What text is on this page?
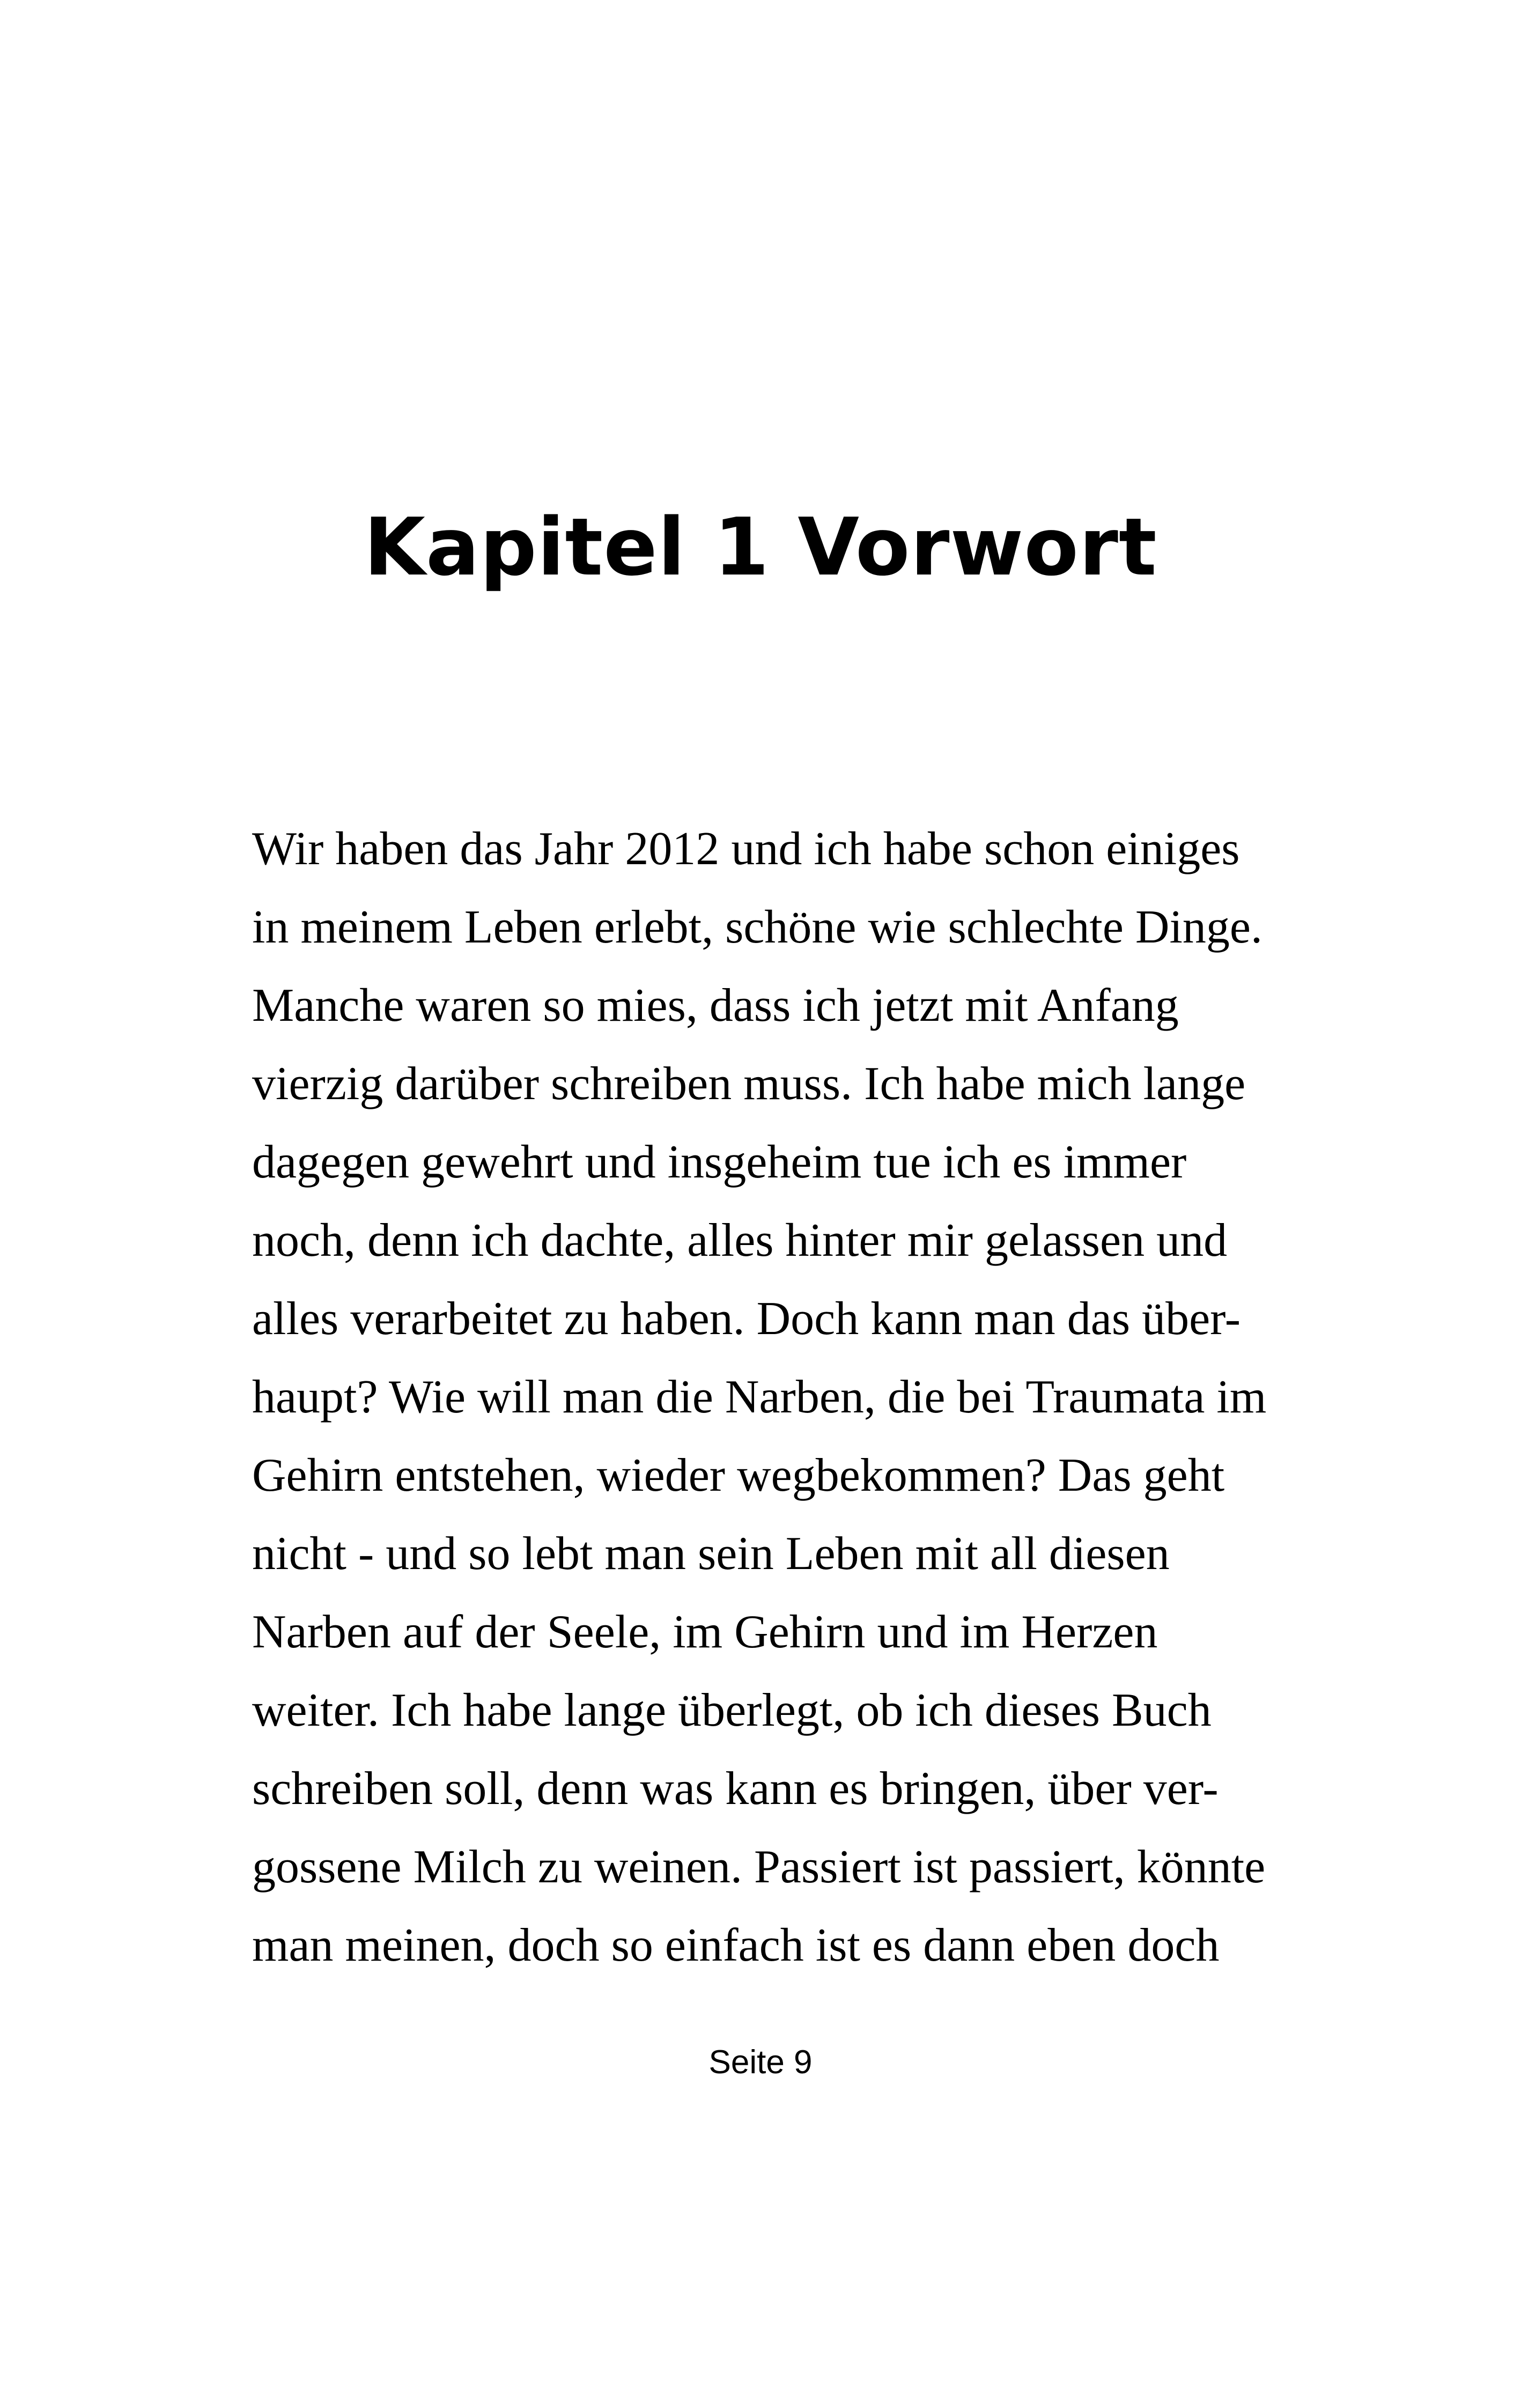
Kapitel 1 Vorwort
Wir haben das Jahr 2012 und ich habe schon einiges
in meinem Leben erlebt, schöne wie schlechte Dinge.
Manche waren so mies, dass ich jetzt mit Anfang
vierzig darüber schreiben muss. Ich habe mich lange
dagegen gewehrt und insgeheim tue ich es immer
noch, denn ich dachte, alles hinter mir gelassen und
alles verarbeitet zu haben. Doch kann man das über-
haupt? Wie will man die Narben, die bei Traumata im
Gehirn entstehen, wieder wegbekommen? Das geht
nicht - und so lebt man sein Leben mit all diesen
Narben auf der Seele, im Gehirn und im Herzen
weiter. Ich habe lange überlegt, ob ich dieses Buch
schreiben soll, denn was kann es bringen, über ver-
gossene Milch zu weinen. Passiert ist passiert, könnte
man meinen, doch so einfach ist es dann eben doch
Seite 9
